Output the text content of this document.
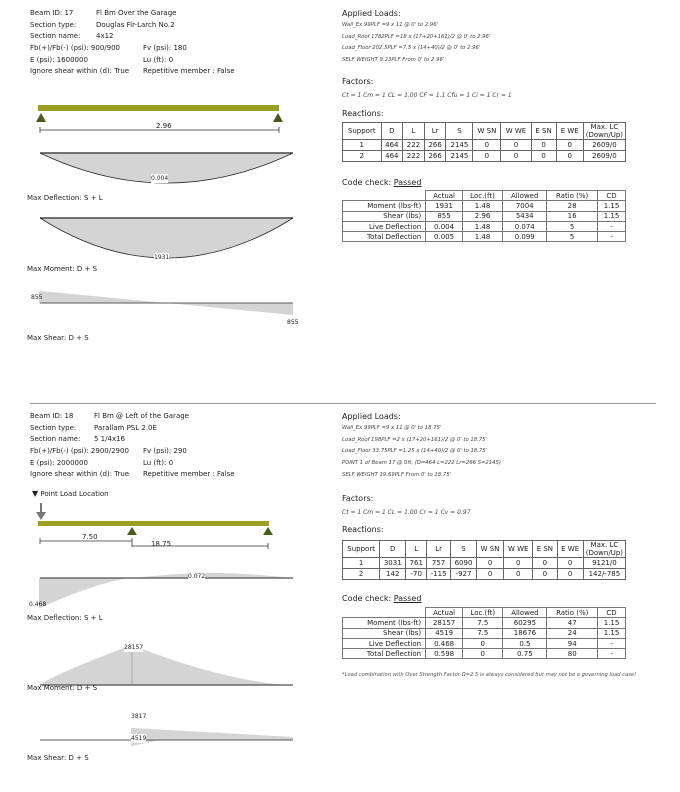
Beam ID: 17	Fl Bm Over the Garage
Section type:	Douglas Fir-Larch No.2
Section name:	4x12
Fb(+)/Fb(-) (psi): 900/900	Fv (psi): 180
E (psi): 1600000	Lu (ft): 0
Ignore shear within (d): True	Repetitive member : False
2.96
0.004
Max Deflection: S + L
1931
Max Moment: D + S
855
855
Max Shear: D + S
Applied Loads:
Wall_Ex 99PLF =9 x 11 @ 0' to 2.96'
Load_Roof 1782PLF =18 x (17+20+161)/2 @ 0' to 2.96'
Load_Floor 202.5PLF =7.5 x (14+40)/2 @ 0' to 2.96'
SELF WEIGHT 9.23PLF From 0' to 2.96'
Factors:
Ct = 1 Cm = 1 CL = 1.00 CF = 1.1 Cfu = 1 Ci = 1 Cr = 1
Reactions:
Support	D	L	Lr	S	W SN	W WE	E SN	E WE	Max. LC (Down/Up)
1	464	222	266	2145	0	0	0	0	2609/0
2	464	222	266	2145	0	0	0	0	2609/0
Code check: Passed
	Actual	Loc.(ft)	Allowed	Ratio (%)	CD
Moment (lbs-ft)	1931	1.48	7004	28	1.15
Shear (lbs)	855	2.96	5434	16	1.15
Live Deflection	0.004	1.48	0.074	5	-
Total Deflection	0.005	1.48	0.099	5	-
Beam ID: 18	Fl Bm @ Left of the Garage
Section type:	Parallam PSL 2.0E
Section name:	5 1/4x16
Fb(+)/Fb(-) (psi): 2900/2900	Fv (psi): 290
E (psi): 2000000	Lu (ft): 0
Ignore shear within (d): True	Repetitive member : False
▼ Point Load Location
7.50
18.75
0.072
0.468
Max Deflection: S + L
28157
Max Moment: D + S
3817
4519
Max Shear: D + S
Applied Loads:
Wall_Ex 99PLF =9 x 11 @ 0' to 18.75'
Load_Roof 198PLF =2 x (17+20+161)/2 @ 0' to 18.75'
Load_Floor 33.75PLF =1.25 x (14+40)/2 @ 0' to 18.75'
POINT 1 of Beam 17 @ 0ft, (D=464 L=222 Lr=266 S=2145)
SELF WEIGHT 19.69PLF From 0' to 18.75'
Factors:
Ct = 1 Cm = 1 CL = 1.00 Cr = 1 Cv = 0.97
Reactions:
Support	D	L	Lr	S	W SN	W WE	E SN	E WE	Max. LC (Down/Up)
1	3031	761	757	6090	0	0	0	0	9121/0
2	142	-70	-115	-927	0	0	0	0	142/-785
Code check: Passed
	Actual	Loc.(ft)	Allowed	Ratio (%)	CD
Moment (lbs-ft)	28157	7.5	60295	47	1.15
Shear (lbs)	4519	7.5	18676	24	1.15
Live Deflection	0.468	0	0.5	94	-
Total Deflection	0.598	0	0.75	80	-
*Load combination with Over Strength Factor Ω=2.5 is always considered but may not be a governing load case!
